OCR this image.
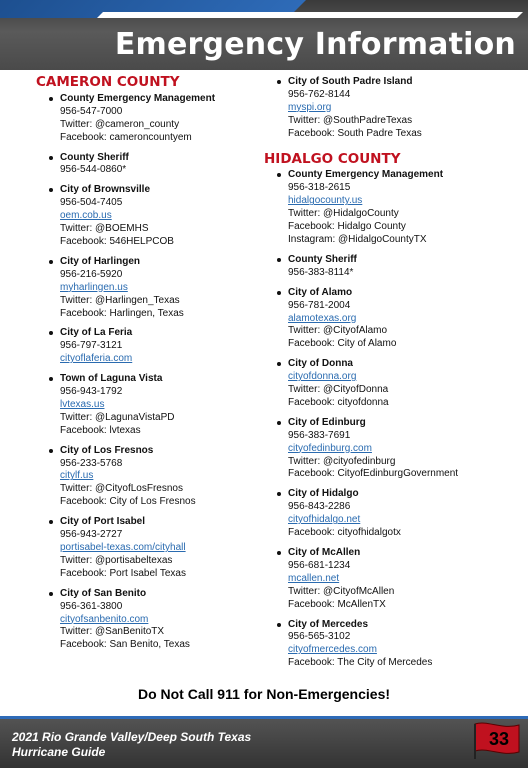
Emergency Information
CAMERON COUNTY
County Emergency Management
956-547-7000
Twitter: @cameron_county
Facebook: cameroncountyem
County Sheriff
956-544-0860*
City of Brownsville
956-504-7405
oem.cob.us
Twitter: @BOEMHS
Facebook: 546HELPCOB
City of Harlingen
956-216-5920
myharlingen.us
Twitter: @Harlingen_Texas
Facebook: Harlingen, Texas
City of La Feria
956-797-3121
cityoflaferia.com
Town of Laguna Vista
956-943-1792
lvtexas.us
Twitter: @LagunaVistaPD
Facebook: lvtexas
City of Los Fresnos
956-233-5768
citylf.us
Twitter: @CityofLosFresnos
Facebook: City of Los Fresnos
City of Port Isabel
956-943-2727
portisabel-texas.com/cityhall
Twitter: @portisabeltexas
Facebook: Port Isabel Texas
City of San Benito
956-361-3800
cityofsanbenito.com
Twitter: @SanBenitoTX
Facebook: San Benito, Texas
City of South Padre Island
956-762-8144
myspi.org
Twitter: @SouthPadreTexas
Facebook: South Padre Texas
HIDALGO COUNTY
County Emergency Management
956-318-2615
hidalgocounty.us
Twitter: @HidalgoCounty
Facebook: Hidalgo County
Instagram: @HidalgoCountyTX
County Sheriff
956-383-8114*
City of Alamo
956-781-2004
alamotexas.org
Twitter: @CityofAlamo
Facebook: City of Alamo
City of Donna
cityofdonna.org
Twitter: @CityofDonna
Facebook: cityofdonna
City of Edinburg
956-383-7691
cityofedinburg.com
Twitter: @cityofedinburg
Facebook: CityofEdinburgGovernment
City of Hidalgo
956-843-2286
cityofhidalgo.net
Facebook: cityofhidalgotx
City of McAllen
956-681-1234
mcallen.net
Twitter: @CityofMcAllen
Facebook: McAllenTX
City of Mercedes
956-565-3102
cityofmercedes.com
Facebook: The City of Mercedes
Do Not Call 911 for Non-Emergencies!
2021 Rio Grande Valley/Deep South Texas
Hurricane Guide
33
